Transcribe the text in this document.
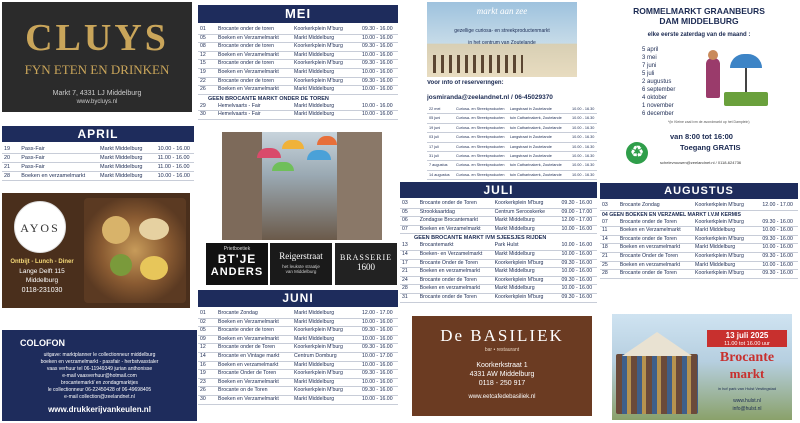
CLUYS
FYN ETEN EN DRINKEN
Markt 7, 4331 LJ Middelburg
www.bycluys.nl
APRIL
19	Pass-Fair	Markt Middelburg	10.00 - 16.00
20	Pass-Fair	Markt Middelburg	11.00 - 16.00
21	Pass-Fair	Markt Middelburg	11.00 - 16.00
28	Boeken en verzamelmarkt	Markt Middelburg	10.00 - 16.00
AYOS
Ontbijt - Lunch - Diner
Lange Delft 115
Middelburg
0118-231030
COLOFON
uitgave: marktplanner le collectionneur middelburg
boeken en verzamelmarkt - passfair - herbstvasstaler
vaas verhuur tel 06-11949349 jurian anthonisse
e-mail vaasverhuur@hotmail.com
brocantemarkt/ en zondagmarktjes
le collectionneur 06-22450428 of 06-49698405
e-mail collection@zeelandnet.nl
www.drukkerijvankeulen.nl
MEI
01	Brocante onder de toren	Koorkerkplein M'burg	09.30 - 16.00
05	Boeken en Verzamelmarkt	Markt Middelburg	10.00 - 16.00
08	Brocante onder de toren	Koorkerkplein M'burg	09.30 - 16.00
12	Boeken en Verzamelmarkt	Markt Middelburg	10.00 - 16.00
15	Brocante onder de toren	Koorkerkplein M'burg	09.30 - 16.00
19	Boeken en Verzamelmarkt	Markt Middelburg	10.00 - 16.00
22	Brocante onder de toren	Koorkerkplein M'burg	09.30 - 16.00
26	Boeken en Verzamelmarkt	Markt Middelburg	10.00 - 16.00
GEEN BROCANTE MARKT ONDER DE TOREN
29	Hemelvaarts - Fair	Markt Middelburg	10.00 - 16.00
30	Hemelvaarts - Fair	Markt Middelburg	10.00 - 16.00
Prietboetiek
BT'JE
ANDERS
Reigerstraat
het leukste straatje
van Middelburg
BRASSERIE
1600
JUNI
01	Brocante Zondag	Markt Middelburg	12.00 - 17.00
02	Boeken en Verzamelmarkt	Markt Middelburg	10.00 - 16.00
05	Brocante onder de toren	Koorkerkplein M'burg	09.30 - 16.00
09	Boeken en Verzamelmarkt	Markt Middelburg	10.00 - 16.00
12	Brocante onder de Toren	Koorkerkplein M'burg	09.30 - 16.00
14	Brocante en Vintage markt	Centrum Domburg	10.00 - 17.00
16	Boeken en verzamelmarkt	Markt Middelburg	10.00 - 16.00
19	Brocante Onder de Toren	Koorkerkplein M'burg	09.30 - 16.00
23	Boeken en Verzamelmarkt	Markt Middelburg	10.00 - 16.00
26	Brocante on de Toren	Koorkerkplein M'burg	09.30 - 16.00
30	Boeken en Verzamelmarkt	Markt Middelburg	10.00 - 16.00
markt aan zee
gezellige curiosa- en streekproductenmarkt
in het centrum van Zoutelande
Voor info of reserveringen:
josmiranda@zeelandnet.nl / 06-45029370
22 mei	Curiosa- en Streekproducten	Langstraat in Zoutelande	10.00 - 16.30
05 juni	Curiosa- en Streekproducten	tuin Catharinakerk, Zoutelande	10.00 - 16.30
19 juni	Curiosa- en Streekproducten	tuin Catharinakerk, Zoutelande	10.00 - 16.30
03 juli	Curiosa- en Streekproducten	Langstraat in Zoutelande	10.00 - 16.30
17 juli	Curiosa- en Streekproducten	Langstraat in Zoutelande	10.00 - 16.30
31 juli	Curiosa- en Streekproducten	Langstraat in Zoutelande	10.00 - 16.30
7 augustus	Curiosa- en Streekproducten	tuin Catharinakerk, Zoutelande	10.00 - 16.30
14 augustus	Curiosa- en Streekproducten	tuin Catharinakerk, Zoutelande	10.00 - 16.30

JULI
03	Brocante onder de Toren	Koorkerkplein M'burg	09.30 - 16.00
05	Strookkaartdag	Centrum Serooskerke	09.00 - 17.00
06	Zondagse Brocantemarkt	Markt Middelburg	12.00 - 17.00
07	Boeken en Verzamelmarkt	Markt Middelburg	10.00 - 16.00
GEEN BROCANTE MARKT IVM SJEESJES RIJDEN
13	Brocantemarkt	Park Hulst	10.00 - 16.00
14	Boeken- en Verzamelmarkt	Markt Middelburg	10.00 - 16.00
17	Brocante Onder de Toren	Koorkerkplein M'burg	09.30 - 16.00
21	Boeken en verzamelmarkt	Markt Middelburg	10.00 - 16.00
24	Brocante onder de Toren	Koorkerkplein M'burg	09.30 - 16.00
28	Boeken en verzamelmarkt	Markt Middelburg	10.00 - 16.00
31	Brocante onder de Toren	Koorkerkplein M'burg	09.30 - 16.00
De BASILIEK
bar • restaurant
Koorkerkstraat 1
4331 AW Middelburg
0118 - 250 917
www.eetcafedebasiliek.nl
ROMMELMARKT GRAANBEURS
DAM MIDDELBURG
elke eerste zaterdag van de maand :
5 april
3 mei
7 juni
5 juli
2 augustus
6 september
4 oktober
1 november
6 december
*(in Kleine zaal ivm de avondmarkt op het Damplein)
van 8:00 tot 16:00
Toegang GRATIS
♻
schelevrouwen@zeelandnet.nl / 0118-624736
AUGUSTUS
03	Brocante Zondag	Koorkerkplein M'burg	12.00 - 17.00
04 GEEN BOEKEN EN VERZAMEL MARKT I.V.M KERMIS
07	Brocante onder de Toren	Koorkerkplein M'burg	09.30 - 16.00
11	Boeken en Verzamelmarkt	Markt Middelburg	10.00 - 16.00
14	Brocante onder de Toren	Koorkerkplein M'burg	09.30 - 16.00
18	Boeken en verzamelmarkt	Markt Middelburg	10.00 - 16.00
21	Brocante Onder de Toren	Koorkerkplein M'burg	09.30 - 16.00
25	Boeken en verzamelmarkt	Markt Middelburg	10.00 - 16.00
28	Brocante onder de Toren	Koorkerkplein M'burg	09.30 - 16.00
13 juli 2025
11.00 tot 16.00 uur
Brocante
markt
in hof park van Hulst Vestingstad
www.hulst.nl
info@hulst.nl
